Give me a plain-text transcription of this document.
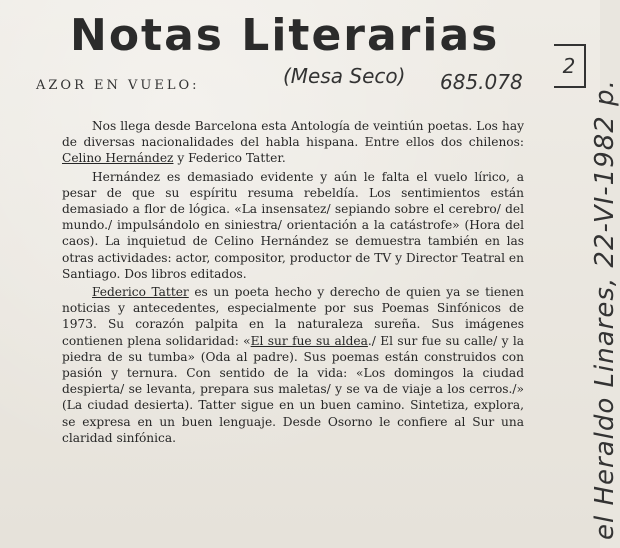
Notas Literarias
(Mesa Seco) 685.078
2
el Heraldo Linares, 22-VI-1982 p.
AZOR EN VUELO:

Nos llega desde Barcelona esta Antología de veintiún poetas. Los hay de diversas nacionalidades del habla hispana. Entre ellos dos chilenos: Celino Hernández y Federico Tatter.

Hernández es demasiado evidente y aún le falta el vuelo lírico, a pesar de que su espíritu resuma rebeldía. Los sentimientos están demasiado a flor de lógica. «La insensatez/ sepiando sobre el cerebro/ del mundo./ impulsándolo en siniestra/ orientación a la catástrofe» (Hora del caos). La inquietud de Celino Hernández se demuestra también en las otras actividades: actor, compositor, productor de TV y Director Teatral en Santiago. Dos libros editados.

Federico Tatter es un poeta hecho y derecho de quien ya se tienen noticias y antecedentes, especialmente por sus Poemas Sinfónicos de 1973. Su corazón palpita en la naturaleza sureña. Sus imágenes contienen plena solidaridad: «El sur fue su aldea./ El sur fue su calle/ y la piedra de su tumba» (Oda al padre). Sus poemas están construidos con pasión y ternura. Con sentido de la vida: «Los domingos la ciudad despierta/ se levanta, prepara sus maletas/ y se va de viaje a los cerros./» (La ciudad desierta). Tatter sigue en un buen camino. Sintetiza, explora, se expresa en un buen lenguaje. Desde Osorno le confiere al Sur una claridad sinfónica.
